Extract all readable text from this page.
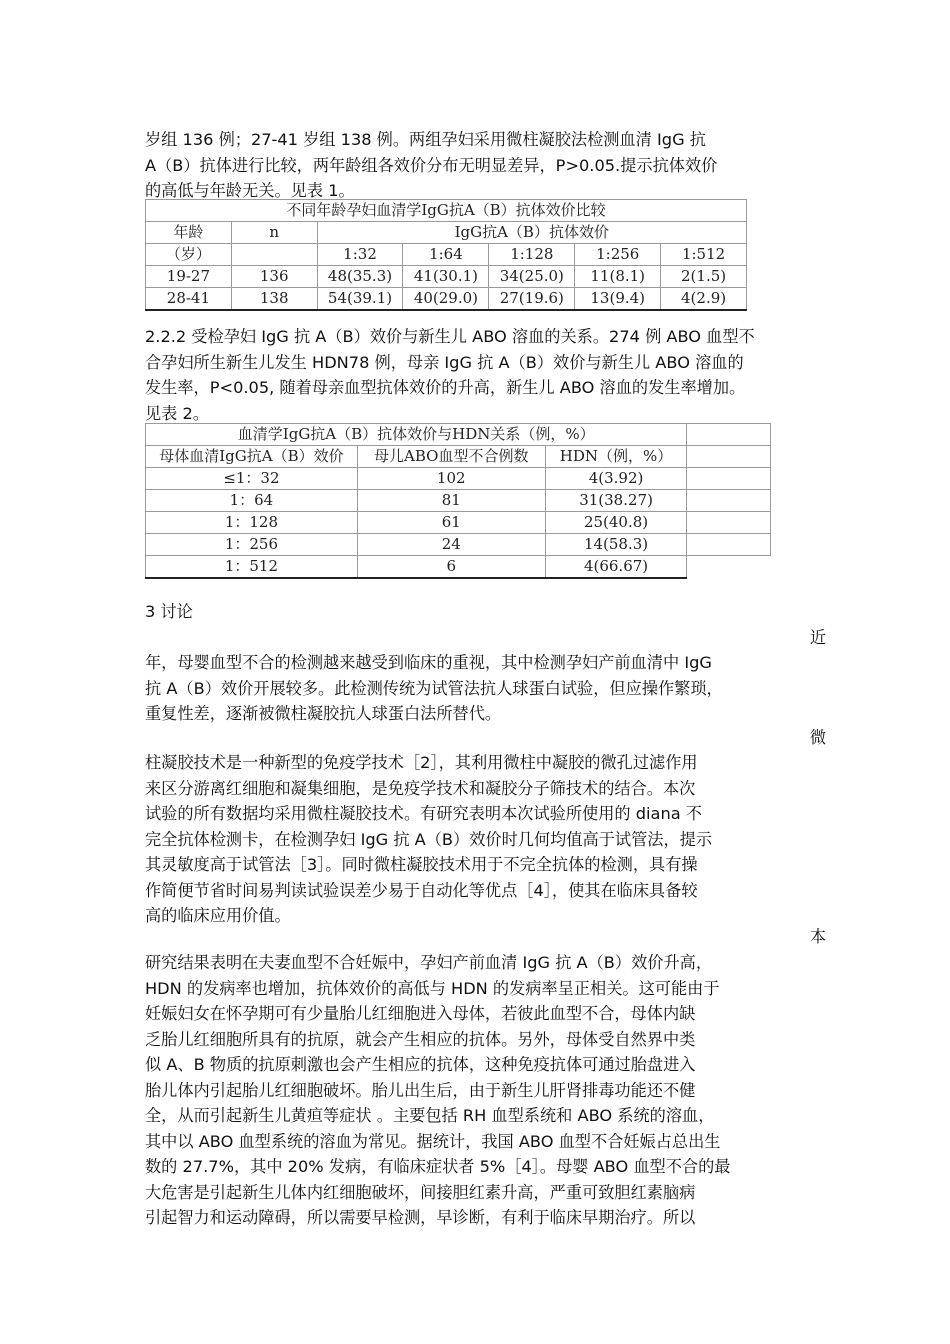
岁组 136 例；27-41 岁组 138 例。两组孕妇采用微柱凝胶法检测血清 IgG 抗
A（B）抗体进行比较，两年龄组各效价分布无明显差异，P>0.05.提示抗体效价
的高低与年龄无关。见表 1。
不同年龄孕妇血清学IgG抗A（B）抗体效价比较						
年龄	n	IgG抗A（B）抗体效价				
（岁）		1:32	1:64	1:128	1:256	1:512
19-27	136	48(35.3)	41(30.1)	34(25.0)	11(8.1)	2(1.5)
28-41	138	54(39.1)	40(29.0)	27(19.6)	13(9.4)	4(2.9)
2.2.2 受检孕妇 IgG 抗 A（B）效价与新生儿 ABO 溶血的关系。274 例 ABO 血型不
合孕妇所生新生儿发生 HDN78 例，母亲 IgG 抗 A（B）效价与新生儿 ABO 溶血的
发生率，P<0.05, 随着母亲血型抗体效价的升高，新生儿 ABO 溶血的发生率增加。
见表 2。
血清学IgG抗A（B）抗体效价与HDN关系（例，%）			
母体血清IgG抗A（B）效价	母儿ABO血型不合例数	HDN（例，%）	
≤1：32	102	4(3.92)	
1：64	81	31(38.27)	
1：128	61	25(40.8)	
1：256	24	14(58.3)	
1：512	6	4(66.67)	
3 讨论
近
年，母婴血型不合的检测越来越受到临床的重视，其中检测孕妇产前血清中 IgG
抗 A（B）效价开展较多。此检测传统为试管法抗人球蛋白试验，但应操作繁琐，
重复性差，逐渐被微柱凝胶抗人球蛋白法所替代。
微
柱凝胶技术是一种新型的免疫学技术［2］，其利用微柱中凝胶的微孔过滤作用
来区分游离红细胞和凝集细胞，是免疫学技术和凝胶分子筛技术的结合。本次
试验的所有数据均采用微柱凝胶技术。有研究表明本次试验所使用的 diana 不
完全抗体检测卡，在检测孕妇 IgG 抗 A（B）效价时几何均值高于试管法，提示
其灵敏度高于试管法［3］。同时微柱凝胶技术用于不完全抗体的检测，具有操
作简便节省时间易判读试验误差少易于自动化等优点［4］，使其在临床具备较
高的临床应用价值。
本
研究结果表明在夫妻血型不合妊娠中，孕妇产前血清 IgG 抗 A（B）效价升高，
HDN 的发病率也增加，抗体效价的高低与 HDN 的发病率呈正相关。这可能由于
妊娠妇女在怀孕期可有少量胎儿红细胞进入母体，若彼此血型不合，母体内缺
乏胎儿红细胞所具有的抗原，就会产生相应的抗体。另外，母体受自然界中类
似 A、B 物质的抗原刺激也会产生相应的抗体，这种免疫抗体可通过胎盘进入
胎儿体内引起胎儿红细胞破坏。胎儿出生后，由于新生儿肝肾排毒功能还不健
全，从而引起新生儿黄疸等症状 。主要包括 RH 血型系统和 ABO 系统的溶血，
其中以 ABO 血型系统的溶血为常见。据统计，我国 ABO 血型不合妊娠占总出生
数的 27.7%，其中 20% 发病，有临床症状者 5%［4］。母婴 ABO 血型不合的最
大危害是引起新生儿体内红细胞破坏，间接胆红素升高，严重可致胆红素脑病
引起智力和运动障碍，所以需要早检测，早诊断，有利于临床早期治疗。所以
